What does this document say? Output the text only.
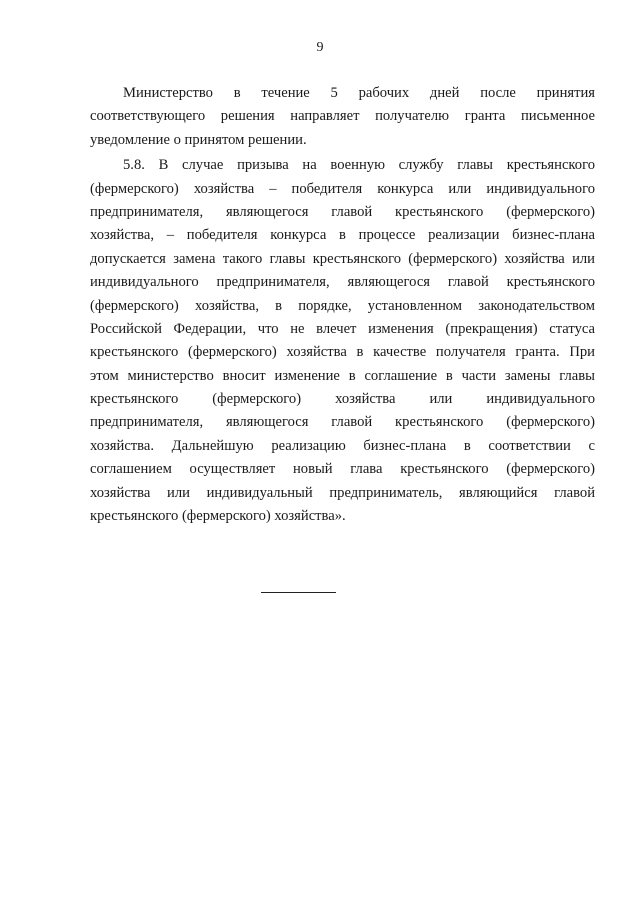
9
Министерство в течение 5 рабочих дней после принятия
соответствующего решения направляет получателю гранта письменное
уведомление о принятом решении.
5.8. В случае призыва на военную службу главы крестьянского
(фермерского) хозяйства – победителя конкурса или индивидуального
предпринимателя, являющегося главой крестьянского (фермерского)
хозяйства, – победителя конкурса в процессе реализации бизнес-плана
допускается замена такого главы крестьянского (фермерского) хозяйства или
индивидуального предпринимателя, являющегося главой крестьянского
(фермерского) хозяйства, в порядке, установленном законодательством
Российской Федерации, что не влечет изменения (прекращения) статуса
крестьянского (фермерского) хозяйства в качестве получателя гранта. При
этом министерство вносит изменение в соглашение в части замены главы
крестьянского (фермерского) хозяйства или индивидуального
предпринимателя, являющегося главой крестьянского (фермерского)
хозяйства. Дальнейшую реализацию бизнес-плана в соответствии с
соглашением осуществляет новый глава крестьянского (фермерского)
хозяйства или индивидуальный предприниматель, являющийся главой
крестьянского (фермерского) хозяйства».
